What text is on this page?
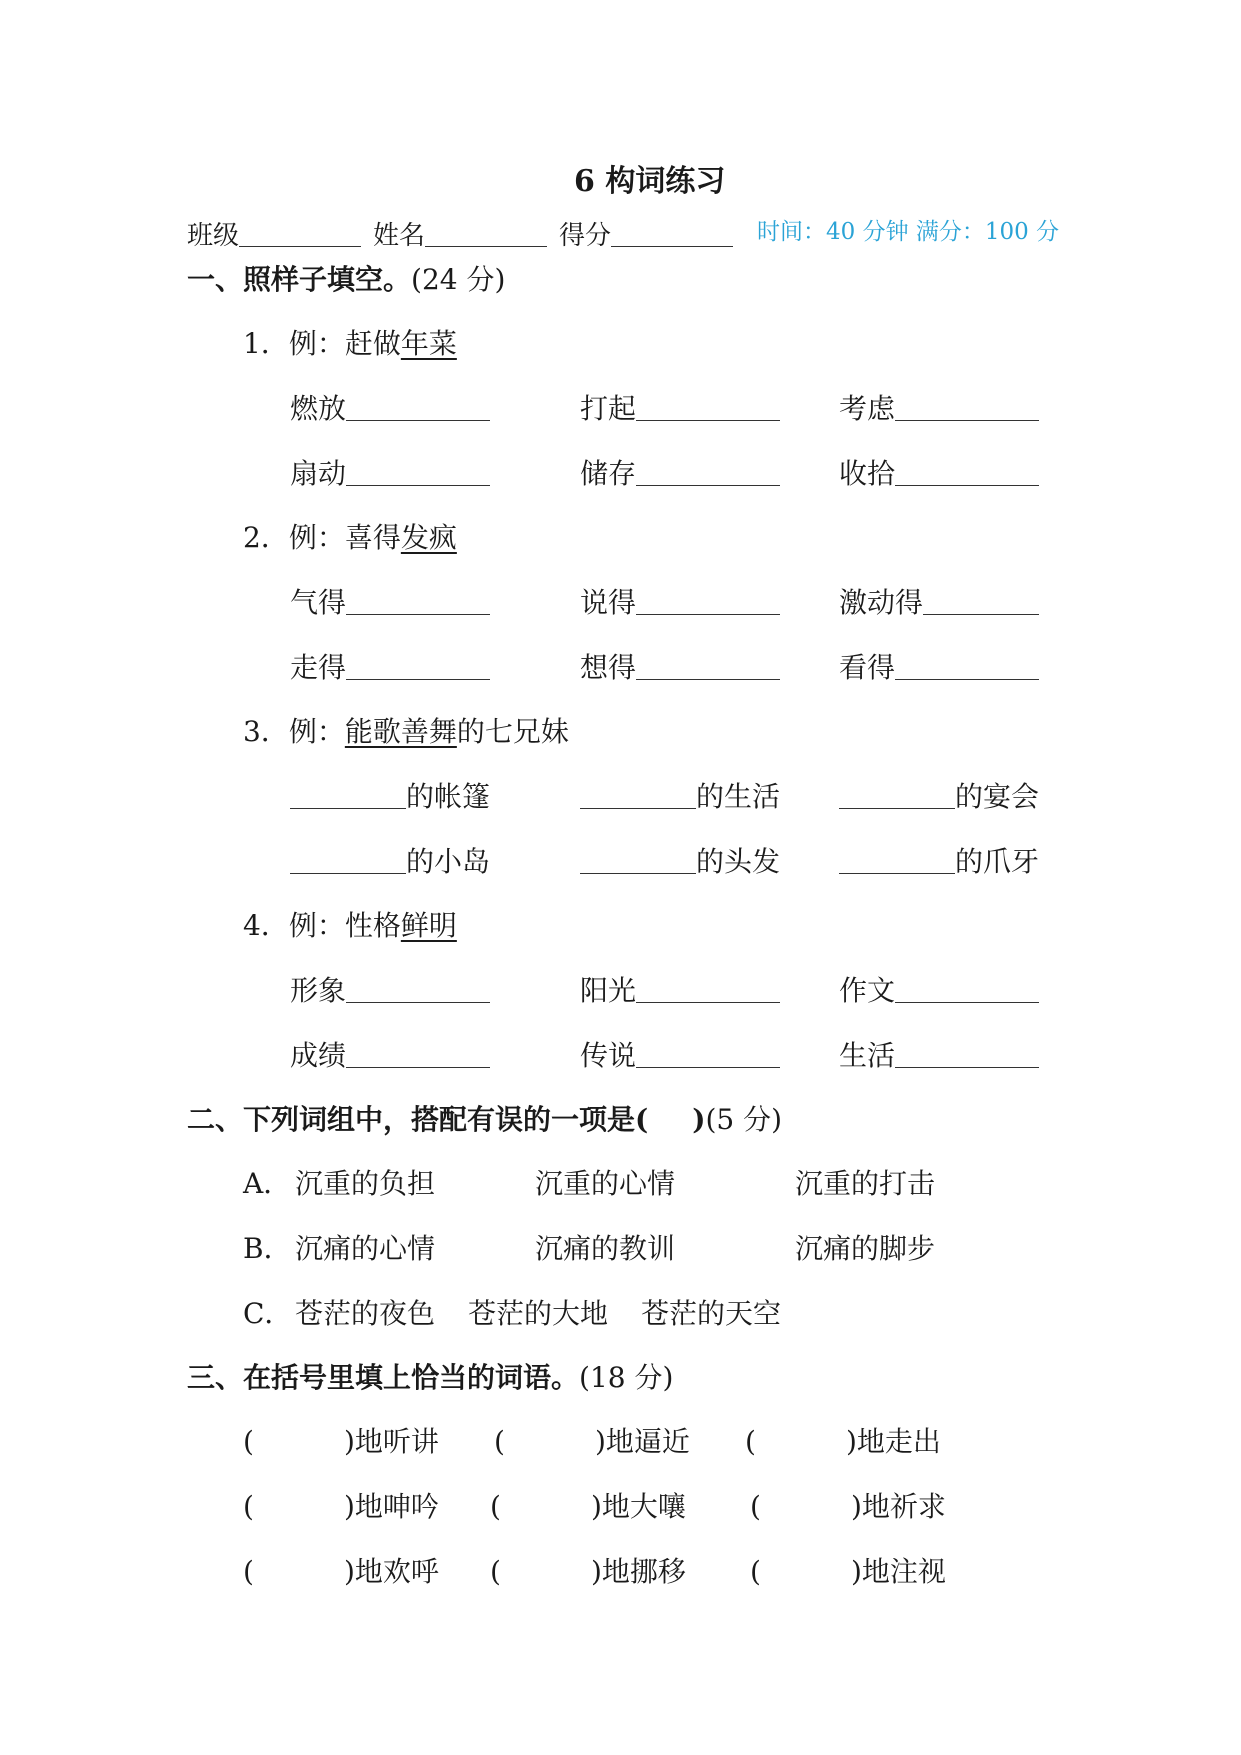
6 构词练习
班级	姓名	得分	时间：40 分钟 满分：100 分
一、照样子填空。(24 分)
1．例：赶做年菜
燃放	打起	考虑
扇动	储存	收拾
2．例：喜得发疯
气得	说得	激动得
走得	想得	看得
3．例：能歌善舞的七兄妹
的帐篷	的生活	的宴会
的小岛	的头发	的爪牙
4．例：性格鲜明
形象	阳光	作文
成绩	传说	生活
二、下列词组中，搭配有误的一项是( )(5 分)
A． 沉重的负担	沉重的心情	沉重的打击
B． 沉痛的心情	沉痛的教训	沉痛的脚步
C． 苍茫的夜色 苍茫的大地 苍茫的天空
三、在括号里填上恰当的词语。(18 分)
(	)地听讲 (	)地逼近 (	)地走出
(	)地呻吟 (	)地大嚷 (	)地祈求
(	)地欢呼 (	)地挪移 (	)地注视
